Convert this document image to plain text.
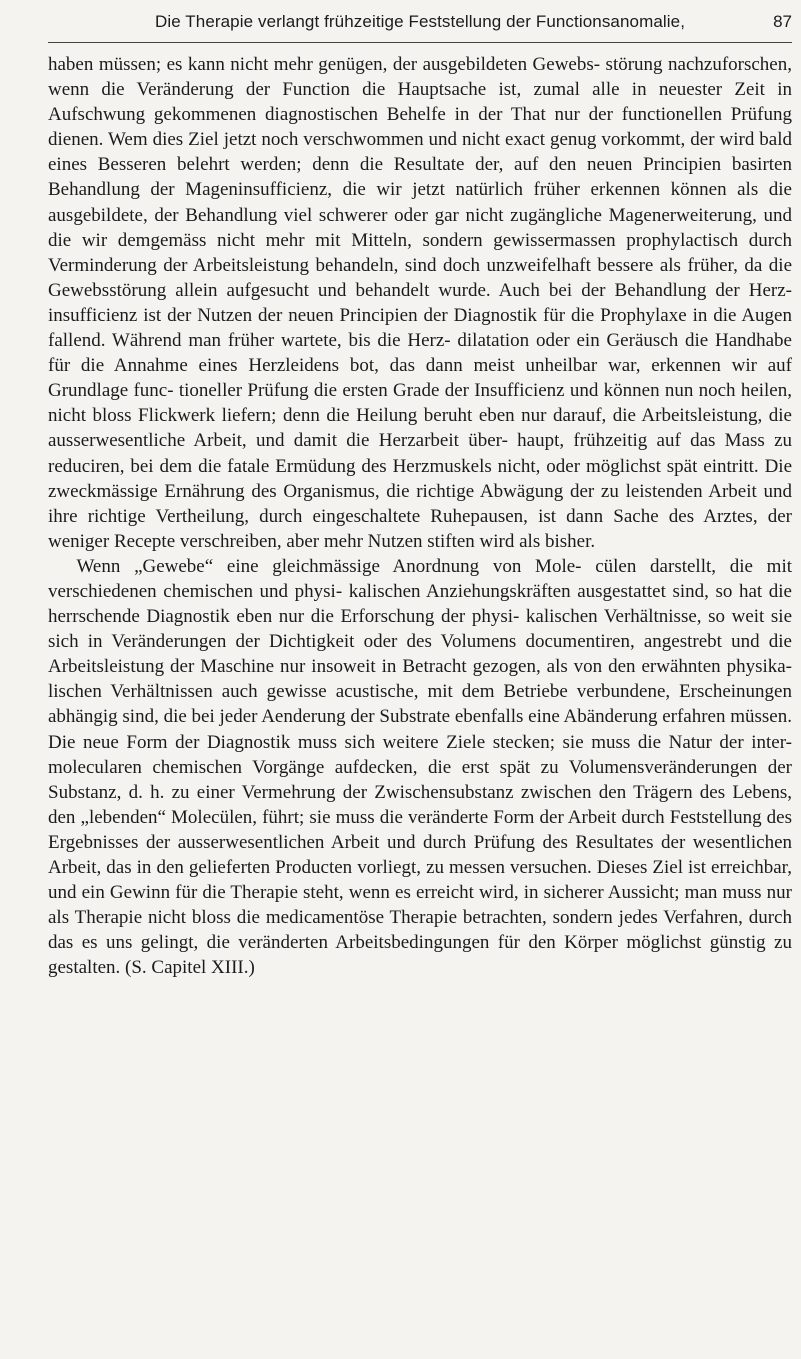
Die Therapie verlangt frühzeitige Feststellung der Functionsanomalie,	87

haben müssen; es kann nicht mehr genügen, der ausgebildeten Gewebs- störung nachzuforschen, wenn die Veränderung der Function die Hauptsache ist, zumal alle in neuester Zeit in Aufschwung gekommenen diagnostischen Behelfe in der That nur der functionellen Prüfung dienen. Wem dies Ziel jetzt noch verschwommen und nicht exact genug vorkommt, der wird bald eines Besseren belehrt werden; denn die Resultate der, auf den neuen Principien basirten Behandlung der Mageninsufficienz, die wir jetzt natürlich früher erkennen können als die ausgebildete, der Behandlung viel schwerer oder gar nicht zugängliche Magenerweiterung, und die wir demgemäss nicht mehr mit Mitteln, sondern gewissermassen prophylactisch durch Verminderung der Arbeitsleistung behandeln, sind doch unzweifelhaft bessere als früher, da die Gewebsstörung allein aufgesucht und behandelt wurde. Auch bei der Behandlung der Herz- insufficienz ist der Nutzen der neuen Principien der Diagnostik für die Prophylaxe in die Augen fallend. Während man früher wartete, bis die Herz- dilatation oder ein Geräusch die Handhabe für die Annahme eines Herzleidens bot, das dann meist unheilbar war, erkennen wir auf Grundlage func- tioneller Prüfung die ersten Grade der Insufficienz und können nun noch heilen, nicht bloss Flickwerk liefern; denn die Heilung beruht eben nur darauf, die Arbeitsleistung, die ausserwesentliche Arbeit, und damit die Herzarbeit über- haupt, frühzeitig auf das Mass zu reduciren, bei dem die fatale Ermüdung des Herzmuskels nicht, oder möglichst spät eintritt. Die zweckmässige Ernährung des Organismus, die richtige Abwägung der zu leistenden Arbeit und ihre richtige Vertheilung, durch eingeschaltete Ruhepausen, ist dann Sache des Arztes, der weniger Recepte verschreiben, aber mehr Nutzen stiften wird als bisher.

Wenn „Gewebe“ eine gleichmässige Anordnung von Mole- cülen darstellt, die mit verschiedenen chemischen und physi- kalischen Anziehungskräften ausgestattet sind, so hat die herrschende Diagnostik eben nur die Erforschung der physi- kalischen Verhältnisse, so weit sie sich in Veränderungen der Dichtigkeit oder des Volumens documentiren, angestrebt und die Arbeitsleistung der Maschine nur insoweit in Betracht gezogen, als von den erwähnten physika- lischen Verhältnissen auch gewisse acustische, mit dem Betriebe verbundene, Erscheinungen abhängig sind, die bei jeder Aenderung der Substrate ebenfalls eine Abänderung erfahren müssen. Die neue Form der Diagnostik muss sich weitere Ziele stecken; sie muss die Natur der inter- molecularen chemischen Vorgänge aufdecken, die erst spät zu Volumensveränderungen der Substanz, d. h. zu einer Vermehrung der Zwischensubstanz zwischen den Trägern des Lebens, den „lebenden“ Molecülen, führt; sie muss die veränderte Form der Arbeit durch Feststellung des Ergebnisses der ausserwesentlichen Arbeit und durch Prüfung des Resultates der wesentlichen Arbeit, das in den gelieferten Producten vorliegt, zu messen versuchen. Dieses Ziel ist erreichbar, und ein Gewinn für die Therapie steht, wenn es erreicht wird, in sicherer Aussicht; man muss nur als Therapie nicht bloss die medicamentöse Therapie betrachten, sondern jedes Verfahren, durch das es uns gelingt, die veränderten Arbeitsbedingungen für den Körper möglichst günstig zu gestalten. (S. Capitel XIII.)
